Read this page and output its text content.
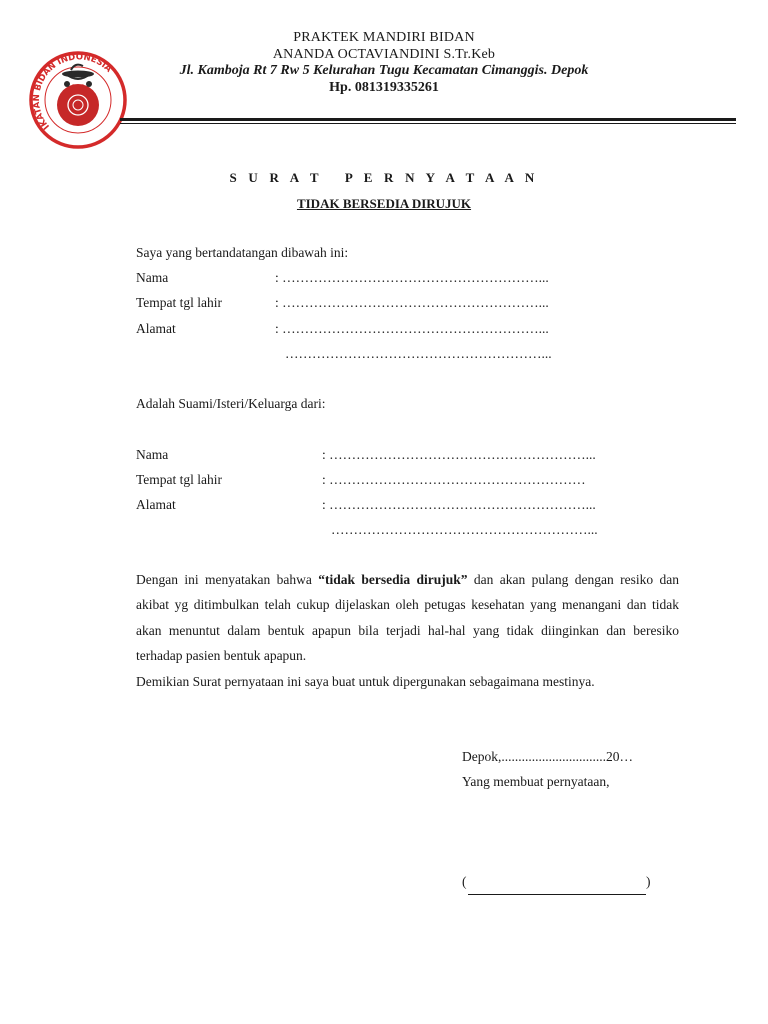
IKATAN BIDAN INDONESIA
PRAKTEK MANDIRI BIDAN
ANANDA OCTAVIANDINI S.Tr.Keb
Jl. Kamboja Rt 7 Rw 5 Kelurahan Tugu Kecamatan Cimanggis. Depok
Hp. 081319335261
S U R A T   P E R N Y A T A A N
TIDAK BERSEDIA DIRUJUK
Saya yang bertandatangan dibawah ini:
Nama	: …………………………………………………...
Tempat tgl lahir	: …………………………………………………...
Alamat	: …………………………………………………...
…………………………………………………...
Adalah Suami/Isteri/Keluarga dari:
Nama	: …………………………………………………...
Tempat tgl lahir	: …………………………………………………
Alamat	: …………………………………………………...
…………………………………………………...
Dengan ini menyatakan bahwa “tidak bersedia dirujuk” dan akan pulang dengan resiko dan akibat yg ditimbulkan telah cukup dijelaskan oleh petugas kesehatan yang menangani dan tidak akan menuntut dalam bentuk apapun bila terjadi hal-hal yang tidak diinginkan dan beresiko terhadap pasien bentuk apapun.
Demikian Surat pernyataan ini saya buat untuk dipergunakan sebagaimana mestinya.
Depok,...............................20…
Yang membuat pernyataan,
(	)
